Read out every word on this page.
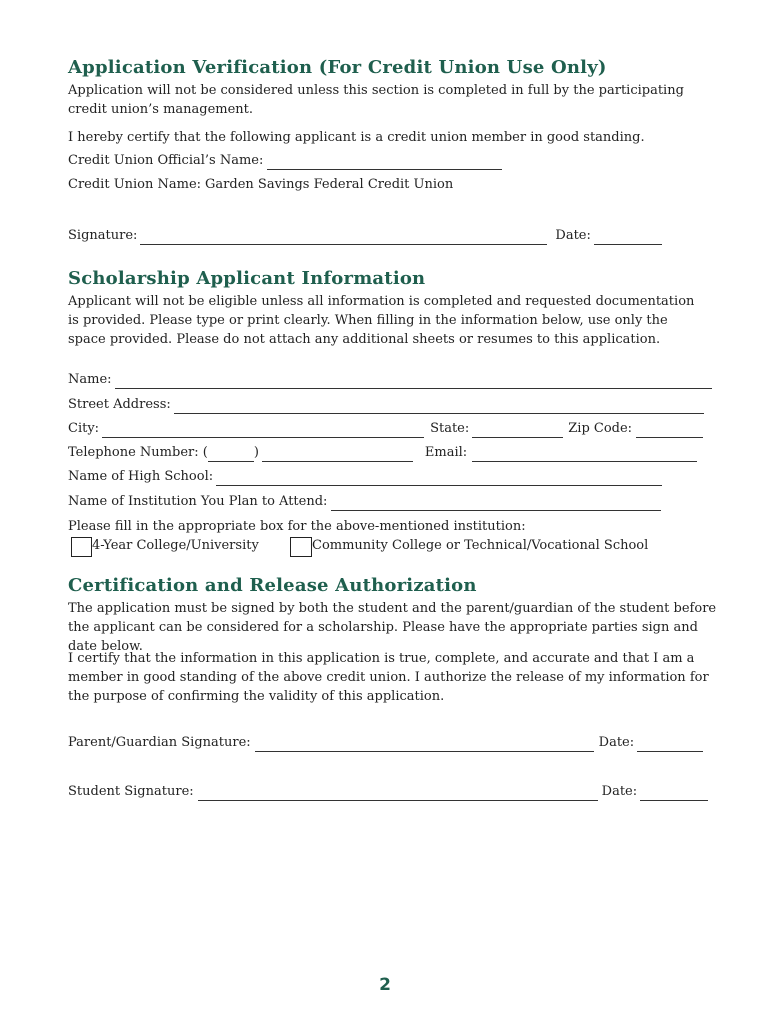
Application Verification (For Credit Union Use Only)

Application will not be considered unless this section is completed in full by the participating credit union’s management.

I hereby certify that the following applicant is a credit union member in good standing.

Credit Union Official’s Name:
Credit Union Name: Garden Savings Federal Credit Union
Signature:	Date:
Scholarship Applicant Information

Applicant will not be eligible unless all information is completed and requested documentation is provided. Please type or print clearly. When filling in the information below, use only the space provided. Please do not attach any additional sheets or resumes to this application.

Name:
Street Address:
City:	State:	Zip Code:
Telephone Number: (	)	Email:
Name of High School:
Name of Institution You Plan to Attend:
Please fill in the appropriate box for the above-mentioned institution:
4-Year College/University	Community College or Technical/Vocational School
Certification and Release Authorization

The application must be signed by both the student and the parent/guardian of the student before the applicant can be considered for a scholarship. Please have the appropriate parties sign and date below.

I certify that the information in this application is true, complete, and accurate and that I am a member in good standing of the above credit union. I authorize the release of my information for the purpose of confirming the validity of this application.

Parent/Guardian Signature:	Date:
Student Signature:	Date:
2
